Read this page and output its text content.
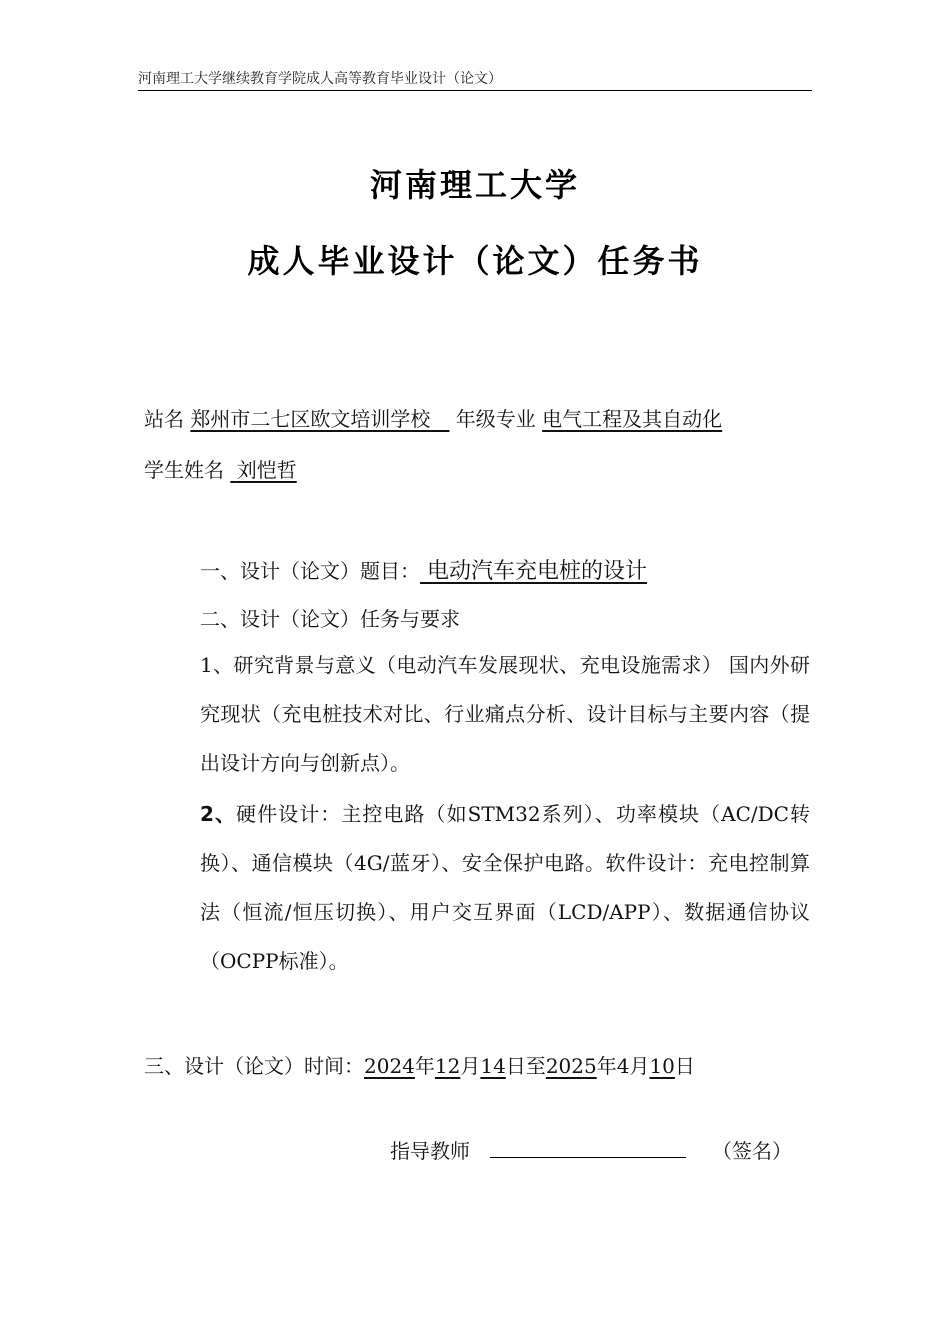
河南理工大学继续教育学院成人高等教育毕业设计（论文）
河南理工大学
成人毕业设计（论文）任务书
站名 郑州市二七区欧文培训学校 年级专业 电气工程及其自动化
学生姓名 刘恺哲
一、设计（论文）题目： 电动汽车充电桩的设计
二、设计（论文）任务与要求
1、研究背景与意义（电动汽车发展现状、充电设施需求） 国内外研究现状（充电桩技术对比、行业痛点分析、设计目标与主要内容（提出设计方向与创新点）。
2、硬件设计：主控电路（如STM32系列）、功率模块（AC/DC转换）、通信模块（4G/蓝牙）、安全保护电路。软件设计：充电控制算法（恒流/恒压切换）、用户交互界面（LCD/APP）、数据通信协议（OCPP标准）。
三、设计（论文）时间：2024年12月14日至2025年4月10日
指导教师	（签名）
